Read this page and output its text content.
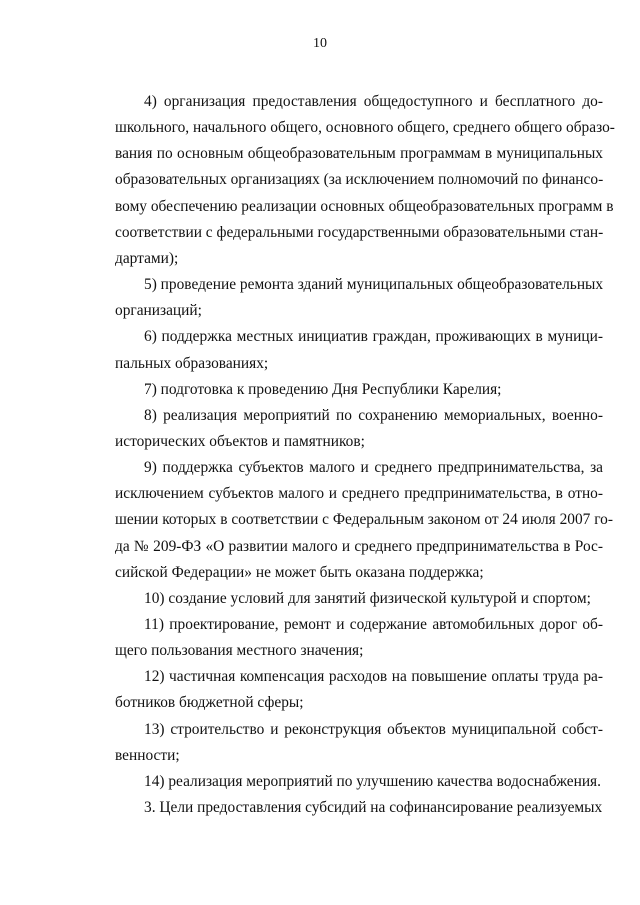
10
4) организация предоставления общедоступного и бесплатного до-
школьного, начального общего, основного общего, среднего общего образо-
вания по основным общеобразовательным программам в муниципальных
образовательных организациях (за исключением полномочий по финансо-
вому обеспечению реализации основных общеобразовательных программ в
соответствии с федеральными государственными образовательными стан-
дартами);
5) проведение ремонта зданий муниципальных общеобразовательных
организаций;
6) поддержка местных инициатив граждан, проживающих в муници-
пальных образованиях;
7) подготовка к проведению Дня Республики Карелия;
8) реализация мероприятий по сохранению мемориальных, военно-
исторических объектов и памятников;
9) поддержка субъектов малого и среднего предпринимательства, за
исключением субъектов малого и среднего предпринимательства, в отно-
шении которых в соответствии с Федеральным законом от 24 июля 2007 го-
да № 209-ФЗ «О развитии малого и среднего предпринимательства в Рос-
сийской Федерации» не может быть оказана поддержка;
10) создание условий для занятий физической культурой и спортом;
11) проектирование, ремонт и содержание автомобильных дорог об-
щего пользования местного значения;
12) частичная компенсация расходов на повышение оплаты труда ра-
ботников бюджетной сферы;
13) строительство и реконструкция объектов муниципальной собст-
венности;
14) реализация мероприятий по улучшению качества водоснабжения.
3. Цели предоставления субсидий на софинансирование реализуемых
